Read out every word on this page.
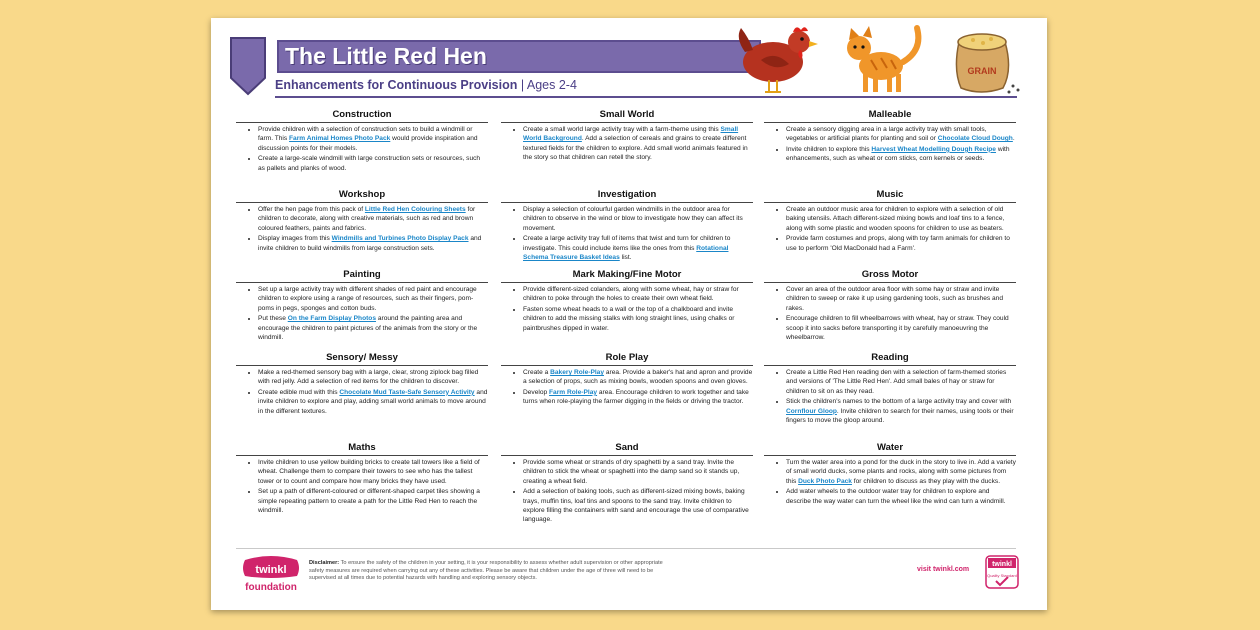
The Little Red Hen
Enhancements for Continuous Provision | Ages 2-4
GRAIN
Construction
• Provide children with a selection of construction sets to build a windmill or farm. This Farm Animal Homes Photo Pack would provide inspiration and discussion points for their models.
• Create a large-scale windmill with large construction sets or resources, such as pallets and planks of wood.
Workshop
• Offer the hen page from this pack of Little Red Hen Colouring Sheets for children to decorate, along with creative materials, such as red and brown coloured feathers, paints and fabrics.
• Display images from this Windmills and Turbines Photo Display Pack and invite children to build windmills from large construction sets.
Painting
• Set up a large activity tray with different shades of red paint and encourage children to explore using a range of resources, such as their fingers, pom-poms in pegs, sponges and cotton buds.
• Put these On the Farm Display Photos around the painting area and encourage the children to paint pictures of the animals from the story or the windmill.
Sensory/ Messy
• Make a red-themed sensory bag with a large, clear, strong ziplock bag filled with red jelly. Add a selection of red items for the children to discover.
• Create edible mud with this Chocolate Mud Taste-Safe Sensory Activity and invite children to explore and play, adding small world animals to move around in the different textures.
Maths
• Invite children to use yellow building bricks to create tall towers like a field of wheat. Challenge them to compare their towers to see who has the tallest tower or to count and compare how many bricks they have used.
• Set up a path of different-coloured or different-shaped carpet tiles showing a simple repeating pattern to create a path for the Little Red Hen to reach the windmill.
Small World
• Create a small world large activity tray with a farm-theme using this Small World Background. Add a selection of cereals and grains to create different textured fields for the children to explore. Add small world animals featured in the story so that children can retell the story.
Investigation
• Display a selection of colourful garden windmills in the outdoor area for children to observe in the wind or blow to investigate how they can affect its movement.
• Create a large activity tray full of items that twist and turn for children to investigate. This could include items like the ones from this Rotational Schema Treasure Basket Ideas list.
Mark Making/Fine Motor
• Provide different-sized colanders, along with some wheat, hay or straw for children to poke through the holes to create their own wheat field.
• Fasten some wheat heads to a wall or the top of a chalkboard and invite children to add the missing stalks with long straight lines, using chalks or paintbrushes dipped in water.
Role Play
• Create a Bakery Role-Play area. Provide a baker's hat and apron and provide a selection of props, such as mixing bowls, wooden spoons and oven gloves.
• Develop Farm Role-Play area. Encourage children to work together and take turns when role-playing the farmer digging in the fields or driving the tractor.
Sand
• Provide some wheat or strands of dry spaghetti by a sand tray. Invite the children to stick the wheat or spaghetti into the damp sand so it stands up, creating a wheat field.
• Add a selection of baking tools, such as different-sized mixing bowls, baking trays, muffin tins, loaf tins and spoons to the sand tray. Invite children to explore filling the containers with sand and encourage the use of comparative language.
Malleable
• Create a sensory digging area in a large activity tray with small tools, vegetables or artificial plants for planting and soil or Chocolate Cloud Dough.
• Invite children to explore this Harvest Wheat Modelling Dough Recipe with enhancements, such as wheat or corn sticks, corn kernels or seeds.
Music
• Create an outdoor music area for children to explore with a selection of old baking utensils. Attach different-sized mixing bowls and loaf tins to a fence, along with some plastic and wooden spoons for children to use as beaters.
• Provide farm costumes and props, along with toy farm animals for children to use to perform 'Old MacDonald had a Farm'.
Gross Motor
• Cover an area of the outdoor area floor with some hay or straw and invite children to sweep or rake it up using gardening tools, such as brushes and rakes.
• Encourage children to fill wheelbarrows with wheat, hay or straw. They could scoop it into sacks before transporting it by carefully manoeuvring the wheelbarrow.
Reading
• Create a Little Red Hen reading den with a selection of farm-themed stories and versions of 'The Little Red Hen'. Add small bales of hay or straw for children to sit on as they read.
• Stick the children's names to the bottom of a large activity tray and cover with Cornflour Gloop. Invite children to search for their names, using tools or their fingers to move the gloop around.
Water
• Turn the water area into a pond for the duck in the story to live in. Add a variety of small world ducks, some plants and rocks, along with some pictures from this Duck Photo Pack for children to discuss as they play with the ducks.
• Add water wheels to the outdoor water tray for children to explore and describe the way water can turn the wheel like the wind can turn a windmill.
twinkl
foundation
Disclaimer: To ensure the safety of the children in your setting, it is your responsibility to assess whether adult supervision or other appropriate safety measures are required when carrying out any of these activities. Please be aware that children under the age of three will need to be supervised at all times due to potential hazards with handling and exploring sensory objects.
visit twinkl.com
twinkl
Quality Standard
